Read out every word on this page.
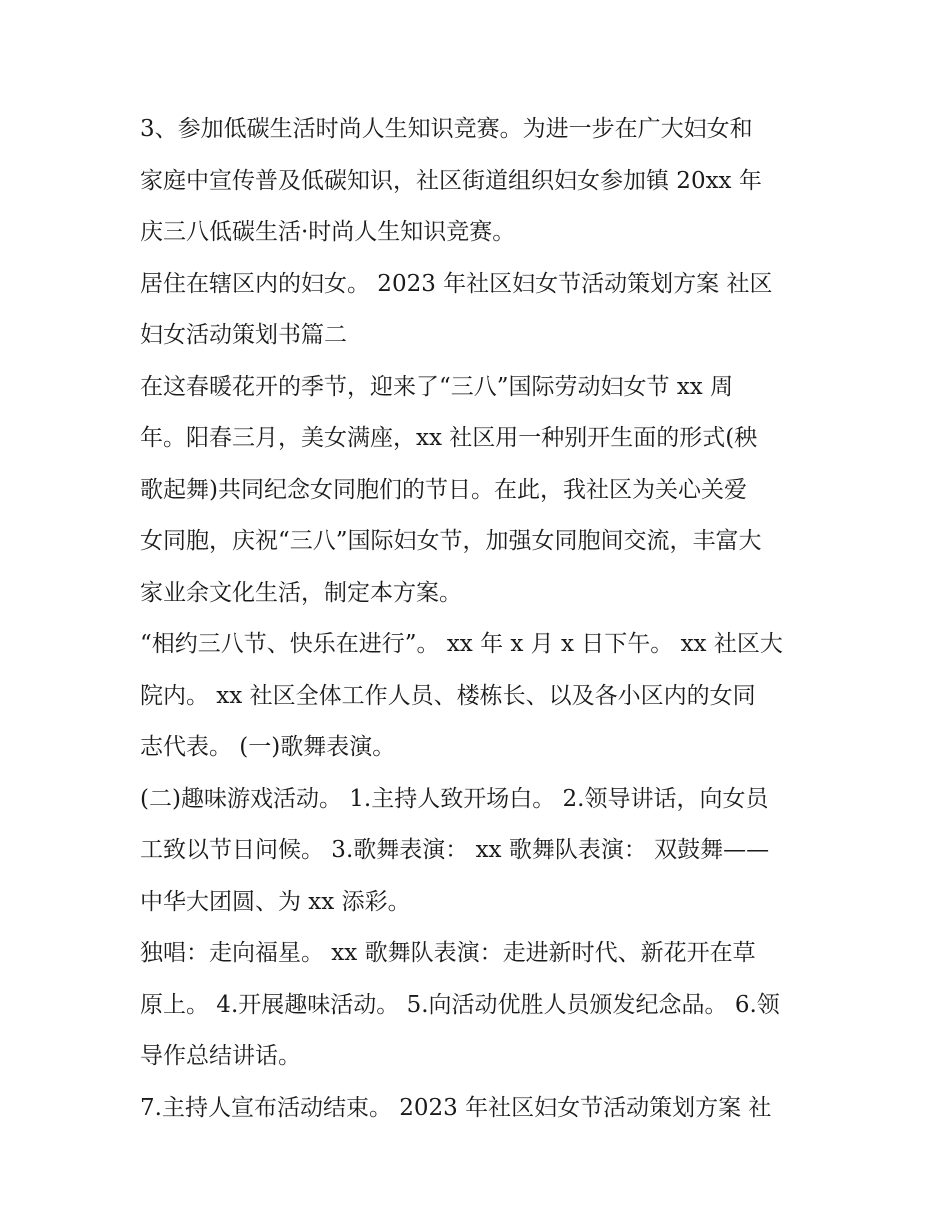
3、参加低碳生活时尚人生知识竞赛。为进一步在广大妇女和
家庭中宣传普及低碳知识，社区街道组织妇女参加镇 20xx 年
庆三八低碳生活·时尚人生知识竞赛。
居住在辖区内的妇女。 2023 年社区妇女节活动策划方案 社区
妇女活动策划书篇二
在这春暖花开的季节，迎来了“三八”国际劳动妇女节 xx 周
年。阳春三月，美女满座，xx 社区用一种别开生面的形式(秧
歌起舞)共同纪念女同胞们的节日。在此，我社区为关心关爱
女同胞，庆祝“三八”国际妇女节，加强女同胞间交流，丰富大
家业余文化生活，制定本方案。
“相约三八节、快乐在进行”。 xx 年 x 月 x 日下午。 xx 社区大
院内。 xx 社区全体工作人员、楼栋长、以及各小区内的女同
志代表。 (一)歌舞表演。
(二)趣味游戏活动。 1.主持人致开场白。 2.领导讲话，向女员
工致以节日问候。 3.歌舞表演： xx 歌舞队表演： 双鼓舞——
中华大团圆、为 xx 添彩。
独唱：走向福星。 xx 歌舞队表演：走进新时代、新花开在草
原上。 4.开展趣味活动。 5.向活动优胜人员颁发纪念品。 6.领
导作总结讲话。
7.主持人宣布活动结束。 2023 年社区妇女节活动策划方案 社
